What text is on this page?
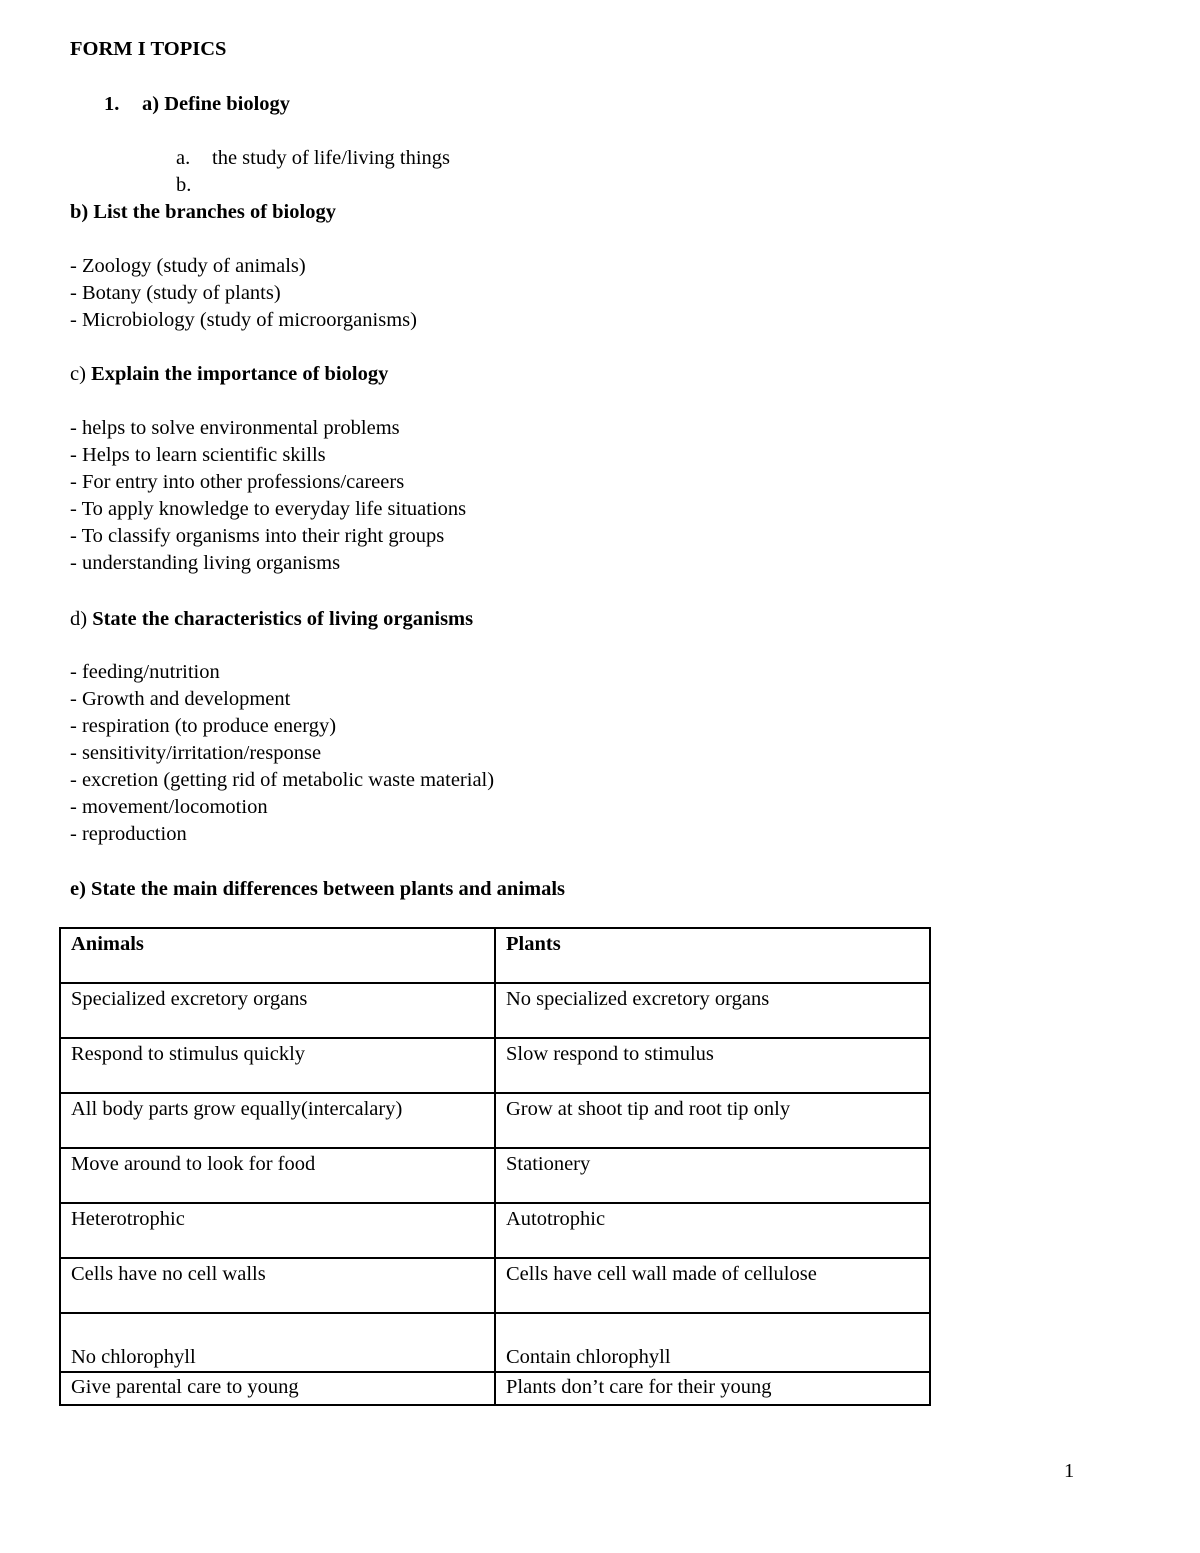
FORM I TOPICS
1. a) Define biology
a. the study of life/living things
b.
b) List the branches of biology
- Zoology (study of animals)
- Botany (study of plants)
- Microbiology (study of microorganisms)
c) Explain the importance of biology
- helps to solve environmental problems
- Helps to learn scientific skills
- For entry into other professions/careers
- To apply knowledge to everyday life situations
- To classify organisms into their right groups
- understanding living organisms
d) State the characteristics of living organisms
- feeding/nutrition
- Growth and development
- respiration (to produce energy)
- sensitivity/irritation/response
- excretion (getting rid of metabolic waste material)
- movement/locomotion
- reproduction
e) State the main differences between plants and animals
Animals	Plants
Specialized excretory organs	No specialized excretory organs
Respond to stimulus quickly	Slow respond to stimulus
All body parts grow equally(intercalary)	Grow at shoot tip and root tip only
Move around to look for food	Stationery
Heterotrophic	Autotrophic
Cells have no cell walls	Cells have cell wall made of cellulose
No chlorophyll	Contain chlorophyll
Give parental care to young	Plants don’t care for their young
1
